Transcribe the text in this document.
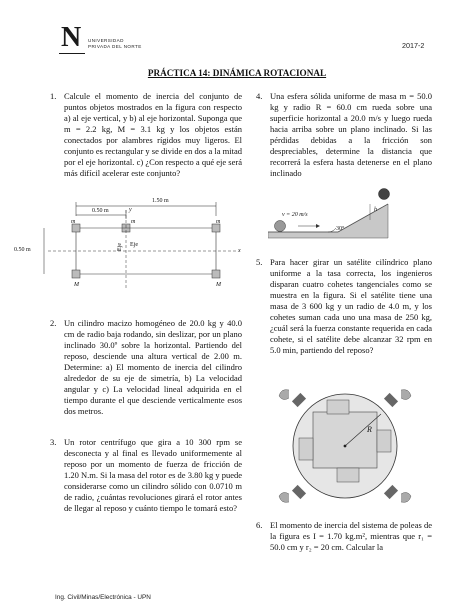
N UNIVERSIDAD
PRIVADA DEL NORTE	2017-2
PRÁCTICA 14: DINÁMICA ROTACIONAL
1. Calcule el momento de inercia del conjunto de puntos objetos mostrados en la figura con respecto a) al eje vertical, y b) al eje horizontal. Suponga que m = 2.2 kg, M = 3.1 kg y los objetos están conectados por alambres rígidos muy ligeros. El conjunto es rectangular y se divide en dos a la mitad por el eje horizontal. c) ¿Con respecto a qué eje será más difícil acelerar este conjunto?
1.50 m
0.50 m
m	m	m
y
Eje
Eje	x
0.50 m
M	M
2. Un cilindro macizo homogéneo de 20.0 kg y 40.0 cm de radio baja rodando, sin deslizar, por un plano inclinado 30.0º sobre la horizontal. Partiendo del reposo, desciende una altura vertical de 2.00 m. Determine: a) El momento de inercia del cilindro alrededor de su eje de simetría, b) La velocidad angular y c) La velocidad lineal adquirida en el tiempo durante el que desciende verticalmente esos dos metros.
3. Un rotor centrífugo que gira a 10 300 rpm se desconecta y al final es llevado uniformemente al reposo por un momento de fuerza de fricción de 1.20 N.m. Si la masa del rotor es de 3.80 kg y puede considerarse como un cilindro sólido con 0.0710 m de radio, ¿cuántas revoluciones girará el rotor antes de llegar al reposo y cuánto tiempo le tomará esto?
4. Una esfera sólida uniforme de masa m = 50.0 kg y radio R = 60.0 cm rueda sobre una superficie horizontal a 20.0 m/s y luego rueda hacia arriba sobre un plano inclinado. Si las pérdidas debidas a la fricción son despreciables, determine la distancia que recorrerá la esfera hasta detenerse en el plano inclinado
v = 20 m/s
30°
h
5. Para hacer girar un satélite cilíndrico plano uniforme a la tasa correcta, los ingenieros disparan cuatro cohetes tangenciales como se muestra en la figura. Si el satélite tiene una masa de 3 600 kg y un radio de 4.0 m, y los cohetes suman cada uno una masa de 250 kg, ¿cuál será la fuerza constante requerida en cada cohete, si el satélite debe alcanzar 32 rpm en 5.0 min, partiendo del reposo?
R
6. El momento de inercia del sistema de poleas de la figura es I = 1.70 kg.m², mientras que r₁ = 50.0 cm y r₂ = 20 cm. Calcular la
Ing. Civil/Minas/Electrónica - UPN
